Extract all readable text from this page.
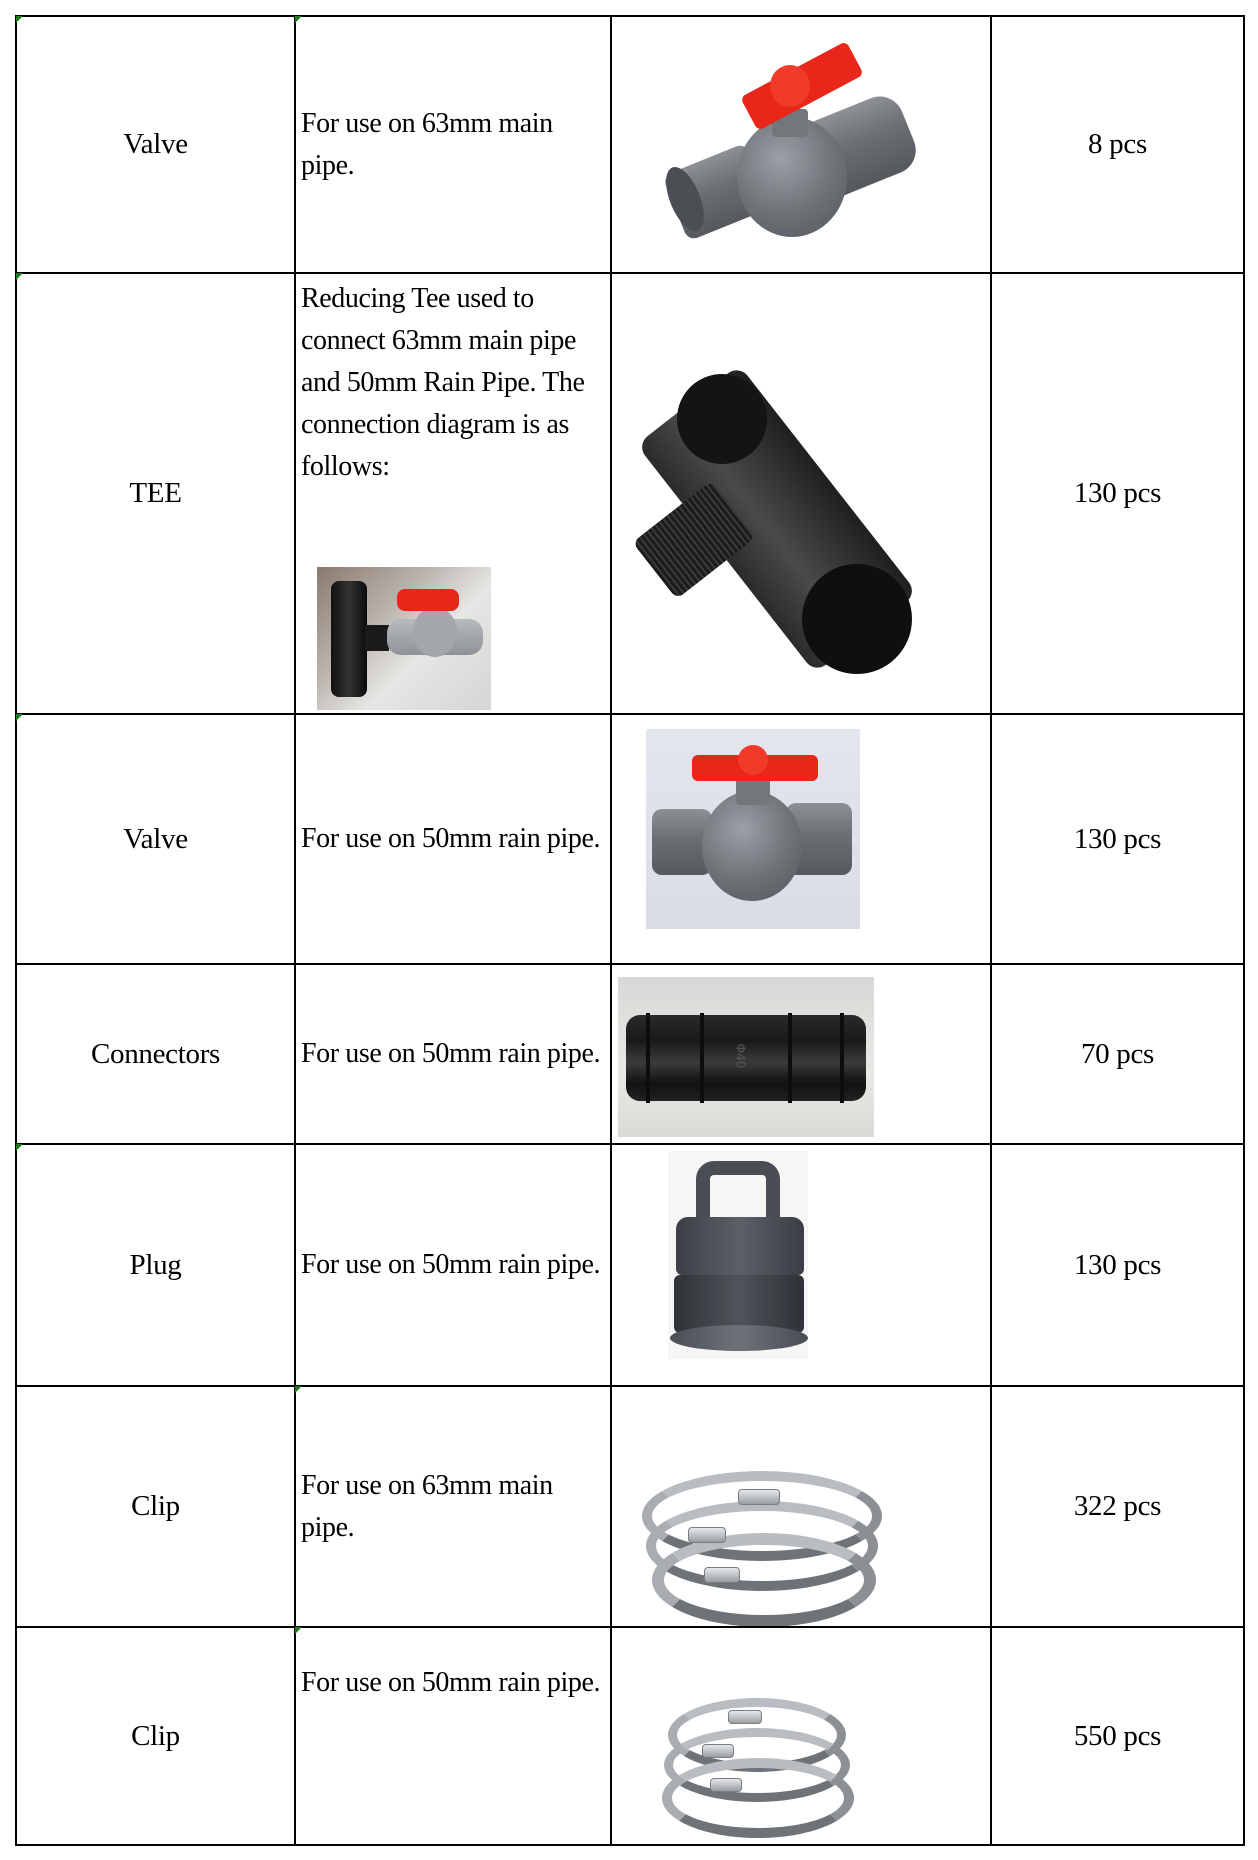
Valve	For use on 63mm main pipe.		8 pcs

TEE	Reducing Tee used to connect 63mm main pipe and 50mm Rain Pipe. The connection diagram is as follows:		130 pcs

Valve	For use on 50mm rain pipe.		130 pcs
Connectors	For use on 50mm rain pipe.	Φ40	70 pcs

Plug	For use on 50mm rain pipe.		130 pcs
Clip	For use on 63mm main pipe.		322 pcs
Clip	For use on 50mm rain pipe.		550 pcs
